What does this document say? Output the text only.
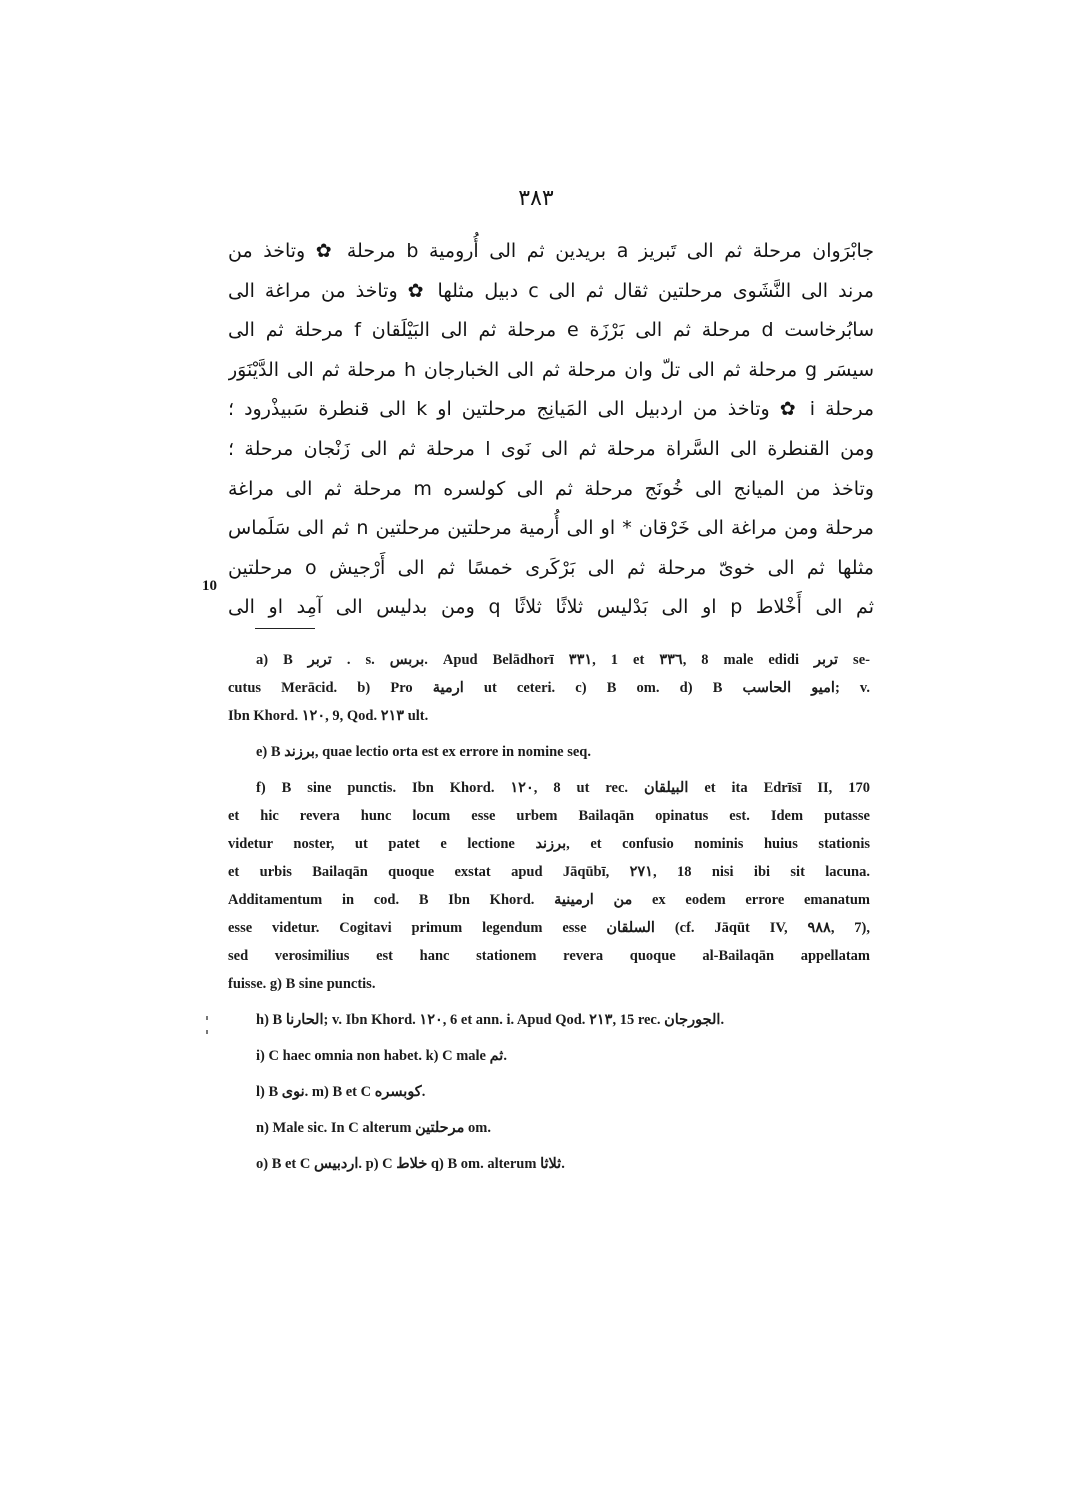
٣٨٣
جابْرَوان مرحلة ثم الى تَبريز a بريدين ثم الى أُرومية b مرحلة ✿ وتاخذ من
مرند الى النَّشَوى مرحلتين ثقال ثم الى c دبيل مثلها ✿ وتاخذ من مراغة الى
سابُرخاست d مرحلة ثم الى بَرْزَة e مرحلة ثم الى البَيْلَقان f مرحلة ثم الى
سيسَر g مرحلة ثم الى تلّ وان مرحلة ثم الى الخبارجان h مرحلة ثم الى الدَّيْنَوَر
مرحلة i ✿ وتاخذ من اردبيل الى المَيانِج مرحلتين او k الى قنطرة سَبيذْرود ؛
ومن القنطرة الى السَّراة مرحلة ثم الى نَوى l مرحلة ثم الى زَنْجان مرحلة ؛
وتاخذ من الميانج الى خُونَج مرحلة ثم الى كولسره m مرحلة ثم الى مراغة
مرحلة ومن مراغة الى خَرْقان * او الى أُرمية مرحلتين مرحلتين n ثم الى سَلَماس
مثلها ثم الى خوىّ مرحلة ثم الى بَرْكَرى خمسًا ثم الى أَرْجيش o مرحلتين
ثم الى أَخْلاط p او الى بَدْليس ثلاثًا ثلاثًا q ومن بدليس الى آمِد او الى
10
a) B تربر . s. بربس. Apud Belādhorī ٣٣١, 1 et ٣٣٦, 8 male edidi تربر se-
cutus Merācid. b) Pro ارمية ut ceteri. c) B om. d) B اميو الحاسب; v.
Ibn Khord. ١٢٠, 9, Qod. ٢١٣ ult.
e) B برزند, quae lectio orta est ex errore in nomine seq.
f) B sine punctis. Ibn Khord. ١٢٠, 8 ut rec. البيلقان et ita Edrīsī II, 170
et hic revera hunc locum esse urbem Bailaqān opinatus est. Idem putasse
videtur noster, ut patet e lectione برزند, et confusio nominis huius stationis
et urbis Bailaqān quoque exstat apud Jāqūbī, ٢٧١, 18 nisi ibi sit lacuna.
Additamentum in cod. B Ibn Khord. من ارمينية ex eodem errore emanatum
esse videtur. Cogitavi primum legendum esse السلقان (cf. Jāqūt IV, ٩٨٨, 7),
sed verosimilius est hanc stationem revera quoque al-Bailaqān appellatam
fuisse. g) B sine punctis.
h) B الحارنا; v. Ibn Khord. ١٢٠, 6 et ann. i. Apud Qod. ٢١٣, 15 rec. الجورجان.
i) C haec omnia non habet. k) C male ثم.
l) B نوى. m) B et C كوبسره.
n) Male sic. In C alterum مرحلتين om.
o) B et C اردبيس. p) C خلاط q) B om. alterum ثلاثا.
